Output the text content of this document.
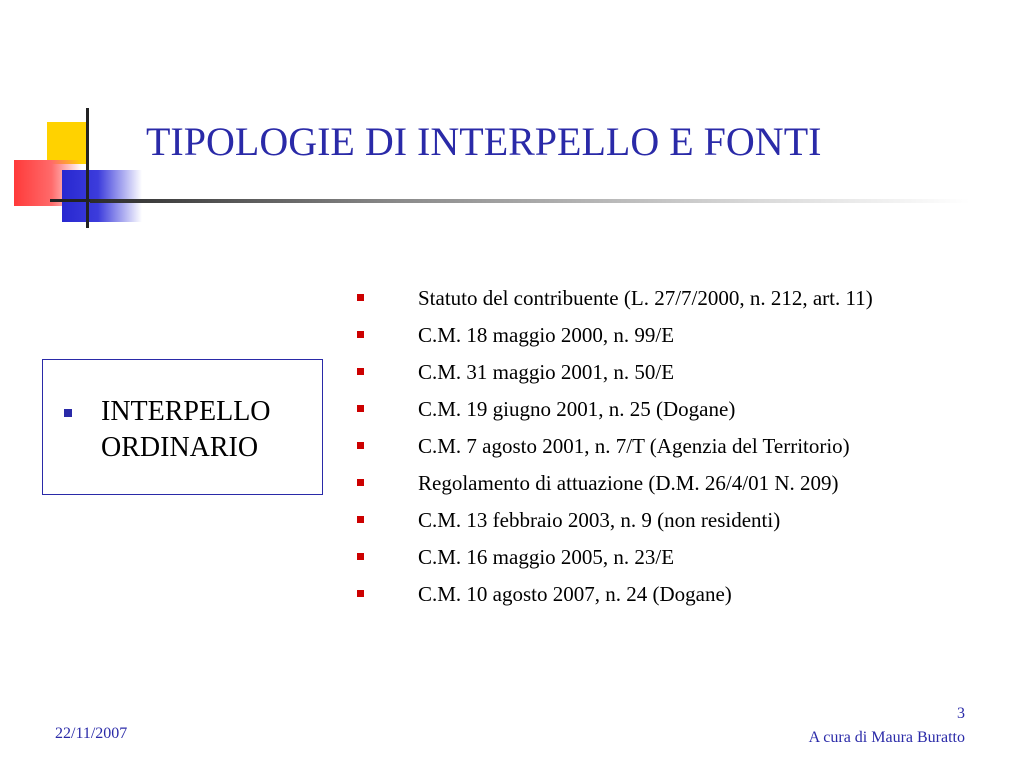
TIPOLOGIE DI INTERPELLO E FONTI
INTERPELLO
ORDINARIO
Statuto del contribuente (L. 27/7/2000, n. 212, art. 11)
C.M. 18 maggio 2000, n. 99/E
C.M. 31 maggio 2001, n. 50/E
C.M. 19 giugno 2001, n. 25 (Dogane)
C.M. 7 agosto 2001, n. 7/T (Agenzia del Territorio)
Regolamento di attuazione (D.M. 26/4/01 N. 209)
C.M. 13 febbraio 2003, n. 9 (non residenti)
C.M. 16 maggio 2005, n. 23/E
C.M. 10 agosto 2007, n. 24 (Dogane)
22/11/2007
3
A cura di Maura Buratto
